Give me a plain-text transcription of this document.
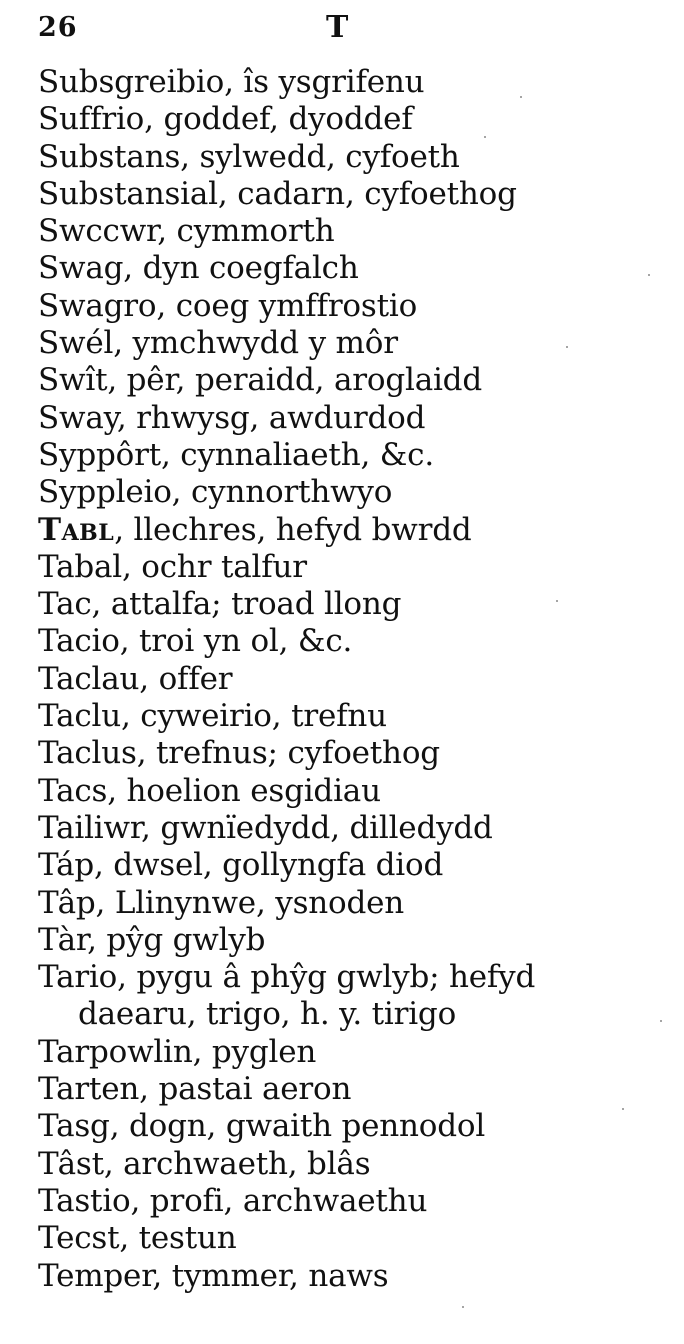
26	T
Subsgreibio, îs ysgrifenu
Suffrio, goddef, dyoddef
Substans, sylwedd, cyfoeth
Substansial, cadarn, cyfoethog
Swccwr, cymmorth
Swag, dyn coegfalch
Swagro, coeg ymffrostio
Swél, ymchwydd y môr
Swît, pêr, peraidd, aroglaidd
Sway, rhwysg, awdurdod
Syppôrt, cynnaliaeth, &c.
Syppleio, cynnorthwyo
Tabl, llechres, hefyd bwrdd
Tabal, ochr talfur
Tac, attalfa; troad llong
Tacio, troi yn ol, &c.
Taclau, offer
Taclu, cyweirio, trefnu
Taclus, trefnus; cyfoethog
Tacs, hoelion esgidiau
Tailiwr, gwnïedydd, dilledydd
Táp, dwsel, gollyngfa diod
Tâp, Llinynwe, ysnoden
Tàr, pŷg gwlyb
Tario, pygu â phŷg gwlyb; hefyd
daearu, trigo, h. y. tirigo
Tarpowlin, pyglen
Tarten, pastai aeron
Tasg, dogn, gwaith pennodol
Tâst, archwaeth, blâs
Tastio, profi, archwaethu
Tecst, testun
Temper, tymmer, naws
